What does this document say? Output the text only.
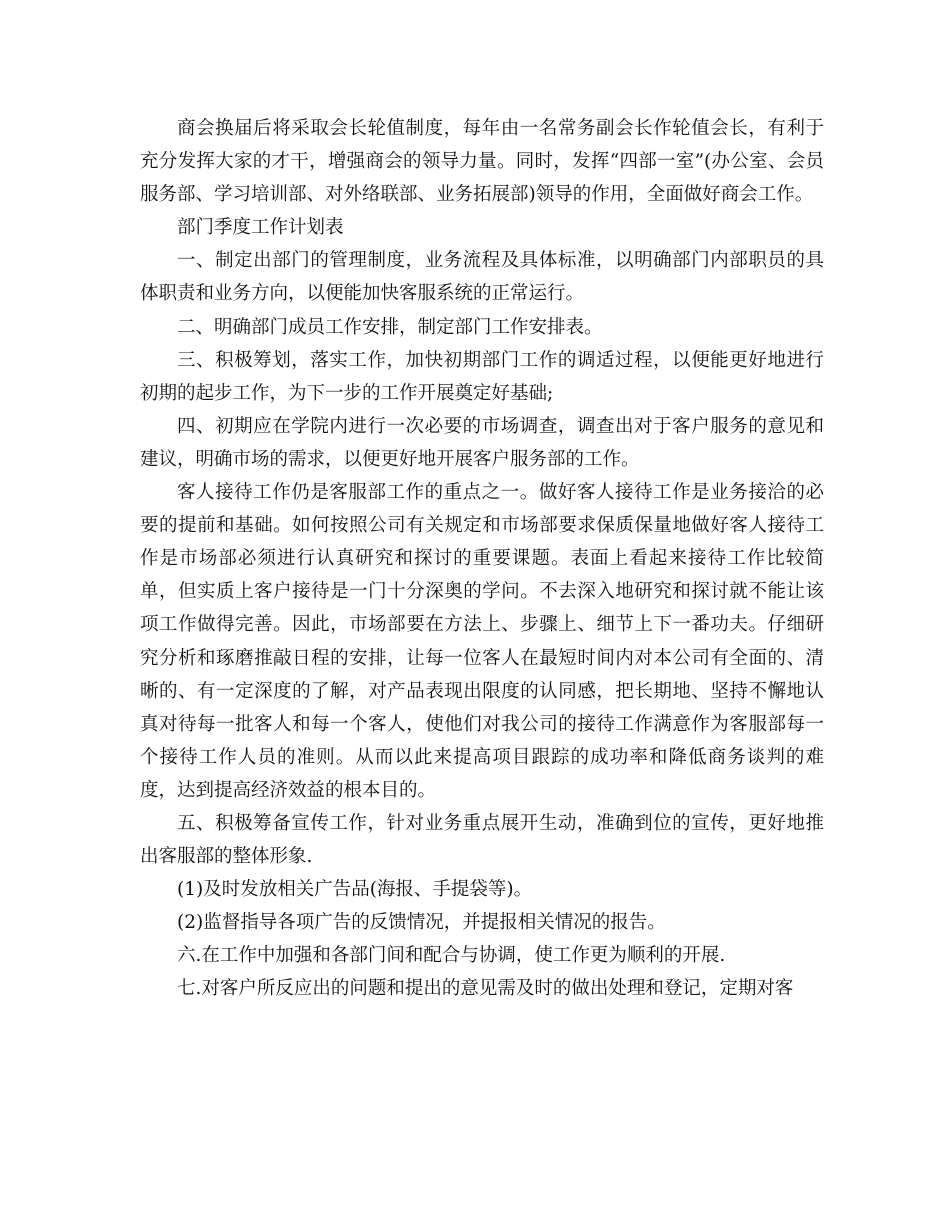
商会换届后将采取会长轮值制度，每年由一名常务副会长作轮值会长，有利于充分发挥大家的才干，增强商会的领导力量。同时，发挥“四部一室”(办公室、会员服务部、学习培训部、对外络联部、业务拓展部)领导的作用，全面做好商会工作。

部门季度工作计划表

一、制定出部门的管理制度，业务流程及具体标准，以明确部门内部职员的具体职责和业务方向，以便能加快客服系统的正常运行。

二、明确部门成员工作安排，制定部门工作安排表。

三、积极筹划，落实工作，加快初期部门工作的调适过程，以便能更好地进行初期的起步工作，为下一步的工作开展奠定好基础;

四、初期应在学院内进行一次必要的市场调查，调查出对于客户服务的意见和建议，明确市场的需求，以便更好地开展客户服务部的工作。

客人接待工作仍是客服部工作的重点之一。做好客人接待工作是业务接洽的必要的提前和基础。如何按照公司有关规定和市场部要求保质保量地做好客人接待工作是市场部必须进行认真研究和探讨的重要课题。表面上看起来接待工作比较简单，但实质上客户接待是一门十分深奥的学问。不去深入地研究和探讨就不能让该项工作做得完善。因此，市场部要在方法上、步骤上、细节上下一番功夫。仔细研究分析和琢磨推敲日程的安排，让每一位客人在最短时间内对本公司有全面的、清晰的、有一定深度的了解，对产品表现出限度的认同感，把长期地、坚持不懈地认真对待每一批客人和每一个客人，使他们对我公司的接待工作满意作为客服部每一个接待工作人员的准则。从而以此来提高项目跟踪的成功率和降低商务谈判的难度，达到提高经济效益的根本目的。

五、积极筹备宣传工作，针对业务重点展开生动，准确到位的宣传，更好地推出客服部的整体形象.

(1)及时发放相关广告品(海报、手提袋等)。

(2)监督指导各项广告的反馈情况，并提报相关情况的报告。

六.在工作中加强和各部门间和配合与协调，使工作更为顺利的开展.

七.对客户所反应出的问题和提出的意见需及时的做出处理和登记，定期对客
